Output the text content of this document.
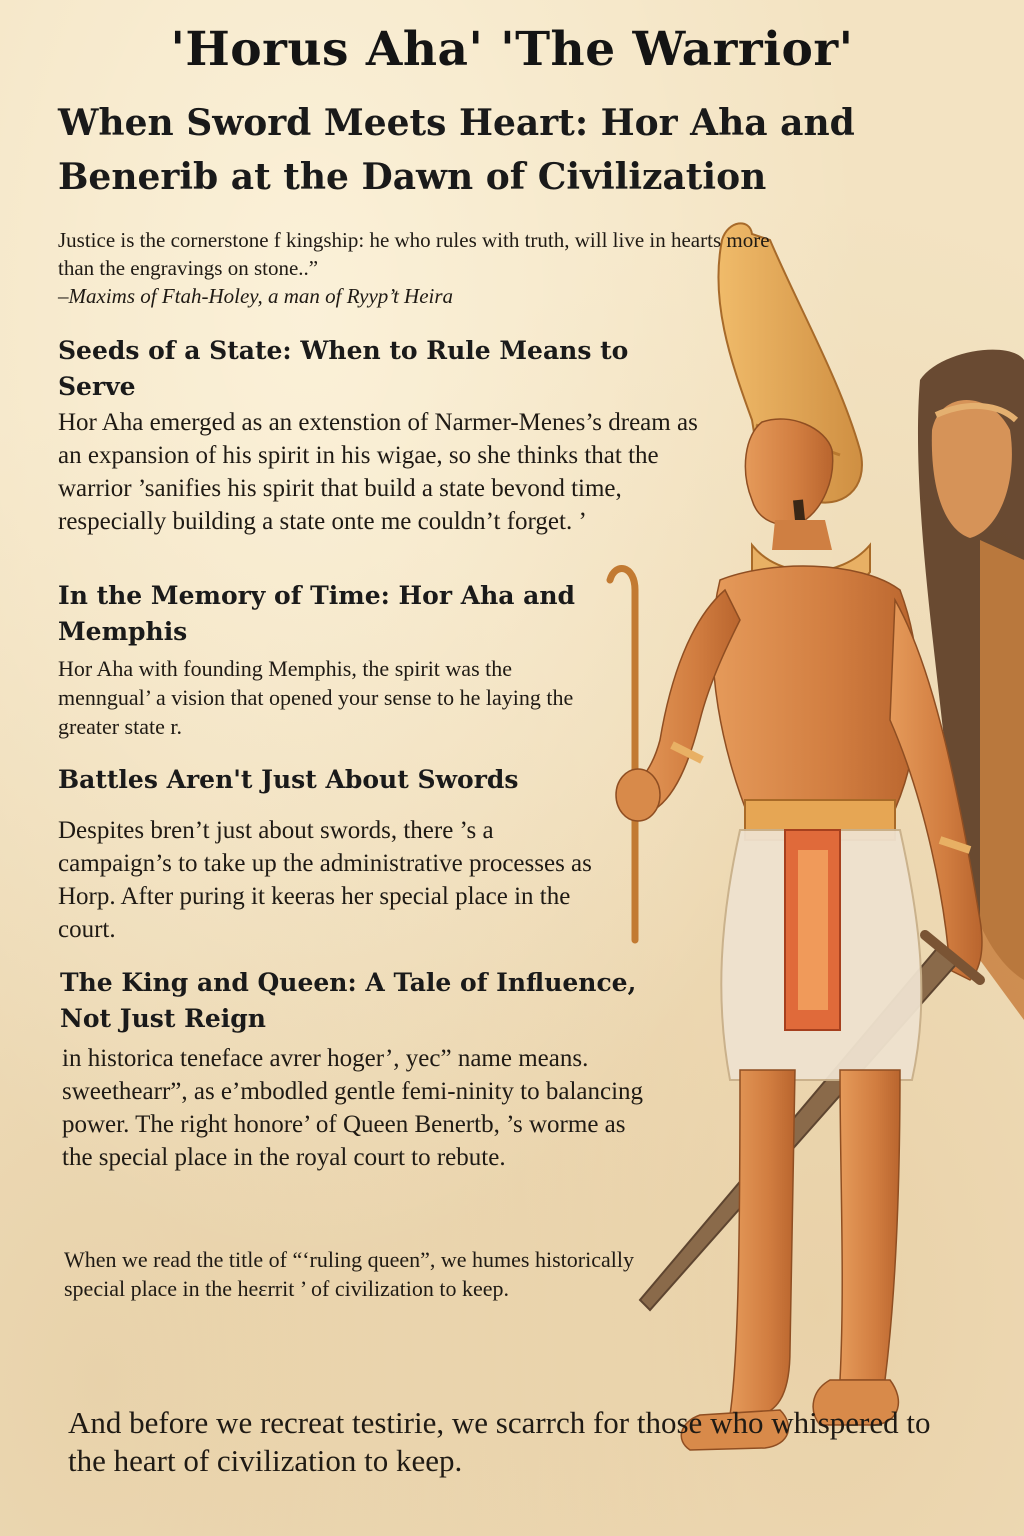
'Horus Aha' 'The Warrior'
When Sword Meets Heart: Hor Aha and Benerib at the Dawn of Civilization
Justice is the cornerstone f kingship: he who rules with truth, will live in hearts more than the engravings on stone..”
–Maxims of Ftah-Holey, a man of Ryyp’t Heira
Seeds of a State: When to Rule Means to Serve
Hor Aha emerged as an extenstion of Narmer-Menes’s dream as an expansion of his spirit in his wigae, so she thinks that the warrior ’sanifies his spirit that build a state bevond time, respecially building a state onte me couldn’t forget. ’
In the Memory of Time: Hor Aha and Memphis
Hor Aha with founding Memphis, the spirit was the menngual’ a vision that opened your sense to he laying the greater state r.
Battles Aren't Just About Swords
Despites bren’t just about swords, there ’s a campaign’s to take up the administrative processes as Horp. After puring it keeras her special place in the court.
The King and Queen: A Tale of Influence, Not Just Reign
in historica teneface avrer hoger’, yec” name means. sweethearr”, as e’mbodled gentle femi-ninity to balancing power. The right honore’ of Queen Benertb, ’s worme as the special place in the royal court to rebute.
When we read the title of “‘ruling queen”, we humes historically special place in the heεrrit ’ of civilization to keep.
And before we recreat testirie, we scarrch for those who whispered to the heart of civilization to keep.
